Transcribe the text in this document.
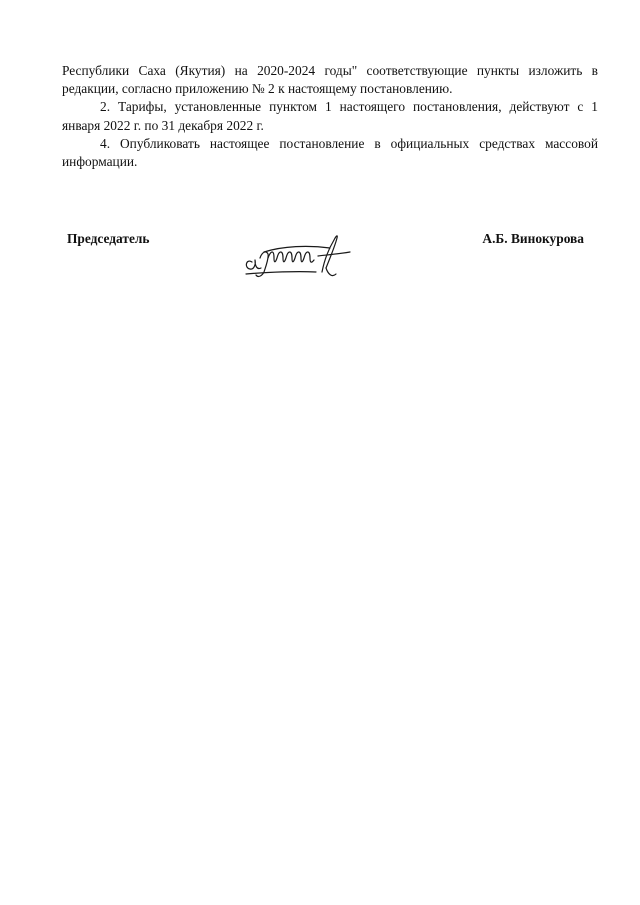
Республики Саха (Якутия) на 2020-2024 годы" соответствующие пункты изложить в редакции, согласно приложению № 2 к настоящему постановлению.

2. Тарифы, установленные пунктом 1 настоящего постановления, действуют с 1 января 2022 г. по 31 декабря 2022 г.

4. Опубликовать настоящее постановление в официальных средствах массовой информации.

Председатель	А.Б. Винокурова
